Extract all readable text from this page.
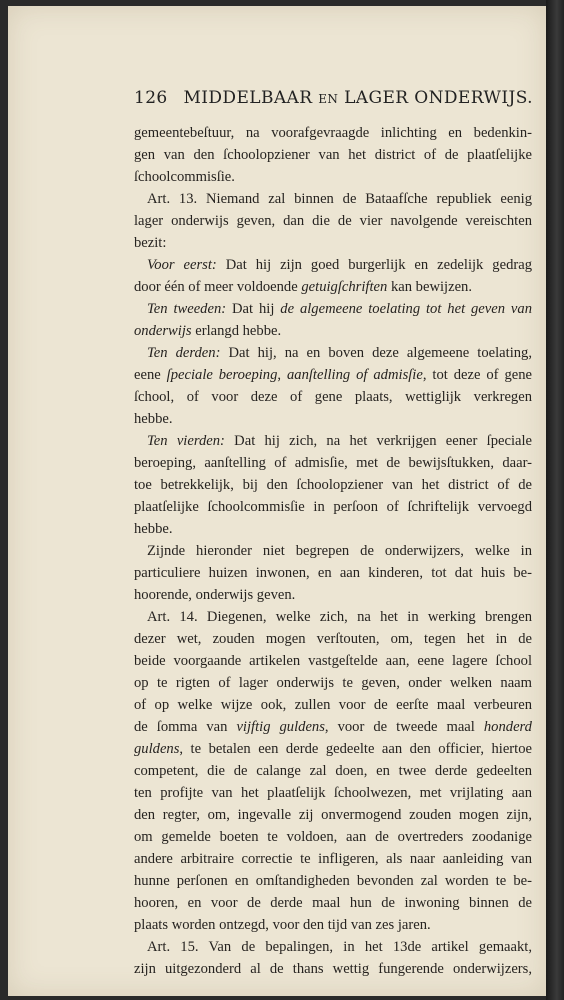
126 MIDDELBAAR EN LAGER ONDERWIJS.
gemeentebeſtuur, na voorafgevraagde inlichting en bedenkin-
gen van den ſchoolopziener van het district of de plaatſelijke
ſchoolcommisſie.
Art. 13. Niemand zal binnen de Bataafſche republiek eenig
lager onderwijs geven, dan die de vier navolgende vereischten
bezit:
Voor eerst: Dat hij zijn goed burgerlijk en zedelijk gedrag
door één of meer voldoende getuigſchriften kan bewijzen.
Ten tweeden: Dat hij de algemeene toelating tot het geven van
onderwijs erlangd hebbe.
Ten derden: Dat hij, na en boven deze algemeene toelating,
eene ſpeciale beroeping, aanſtelling of admisſie, tot deze of gene
ſchool, of voor deze of gene plaats, wettiglijk verkregen
hebbe.
Ten vierden: Dat hij zich, na het verkrijgen eener ſpeciale
beroeping, aanſtelling of admisſie, met de bewijsſtukken, daar-
toe betrekkelijk, bij den ſchoolopziener van het district of de
plaatſelijke ſchoolcommisſie in perſoon of ſchriftelijk vervoegd
hebbe.
Zijnde hieronder niet begrepen de onderwijzers, welke in
particuliere huizen inwonen, en aan kinderen, tot dat huis be-
hoorende, onderwijs geven.
Art. 14. Diegenen, welke zich, na het in werking brengen
dezer wet, zouden mogen verſtouten, om, tegen het in de
beide voorgaande artikelen vastgeſtelde aan, eene lagere ſchool
op te rigten of lager onderwijs te geven, onder welken naam
of op welke wijze ook, zullen voor de eerſte maal verbeuren
de ſomma van vijftig guldens, voor de tweede maal honderd
guldens, te betalen een derde gedeelte aan den officier, hiertoe
competent, die de calange zal doen, en twee derde gedeelten
ten profijte van het plaatſelijk ſchoolwezen, met vrijlating aan
den regter, om, ingevalle zij onvermogend zouden mogen zijn,
om gemelde boeten te voldoen, aan de overtreders zoodanige
andere arbitraire correctie te infligeren, als naar aanleiding van
hunne perſonen en omſtandigheden bevonden zal worden te be-
hooren, en voor de derde maal hun de inwoning binnen de
plaats worden ontzegd, voor den tijd van zes jaren.
Art. 15. Van de bepalingen, in het 13de artikel gemaakt,
zijn uitgezonderd al de thans wettig fungerende onderwijzers,
